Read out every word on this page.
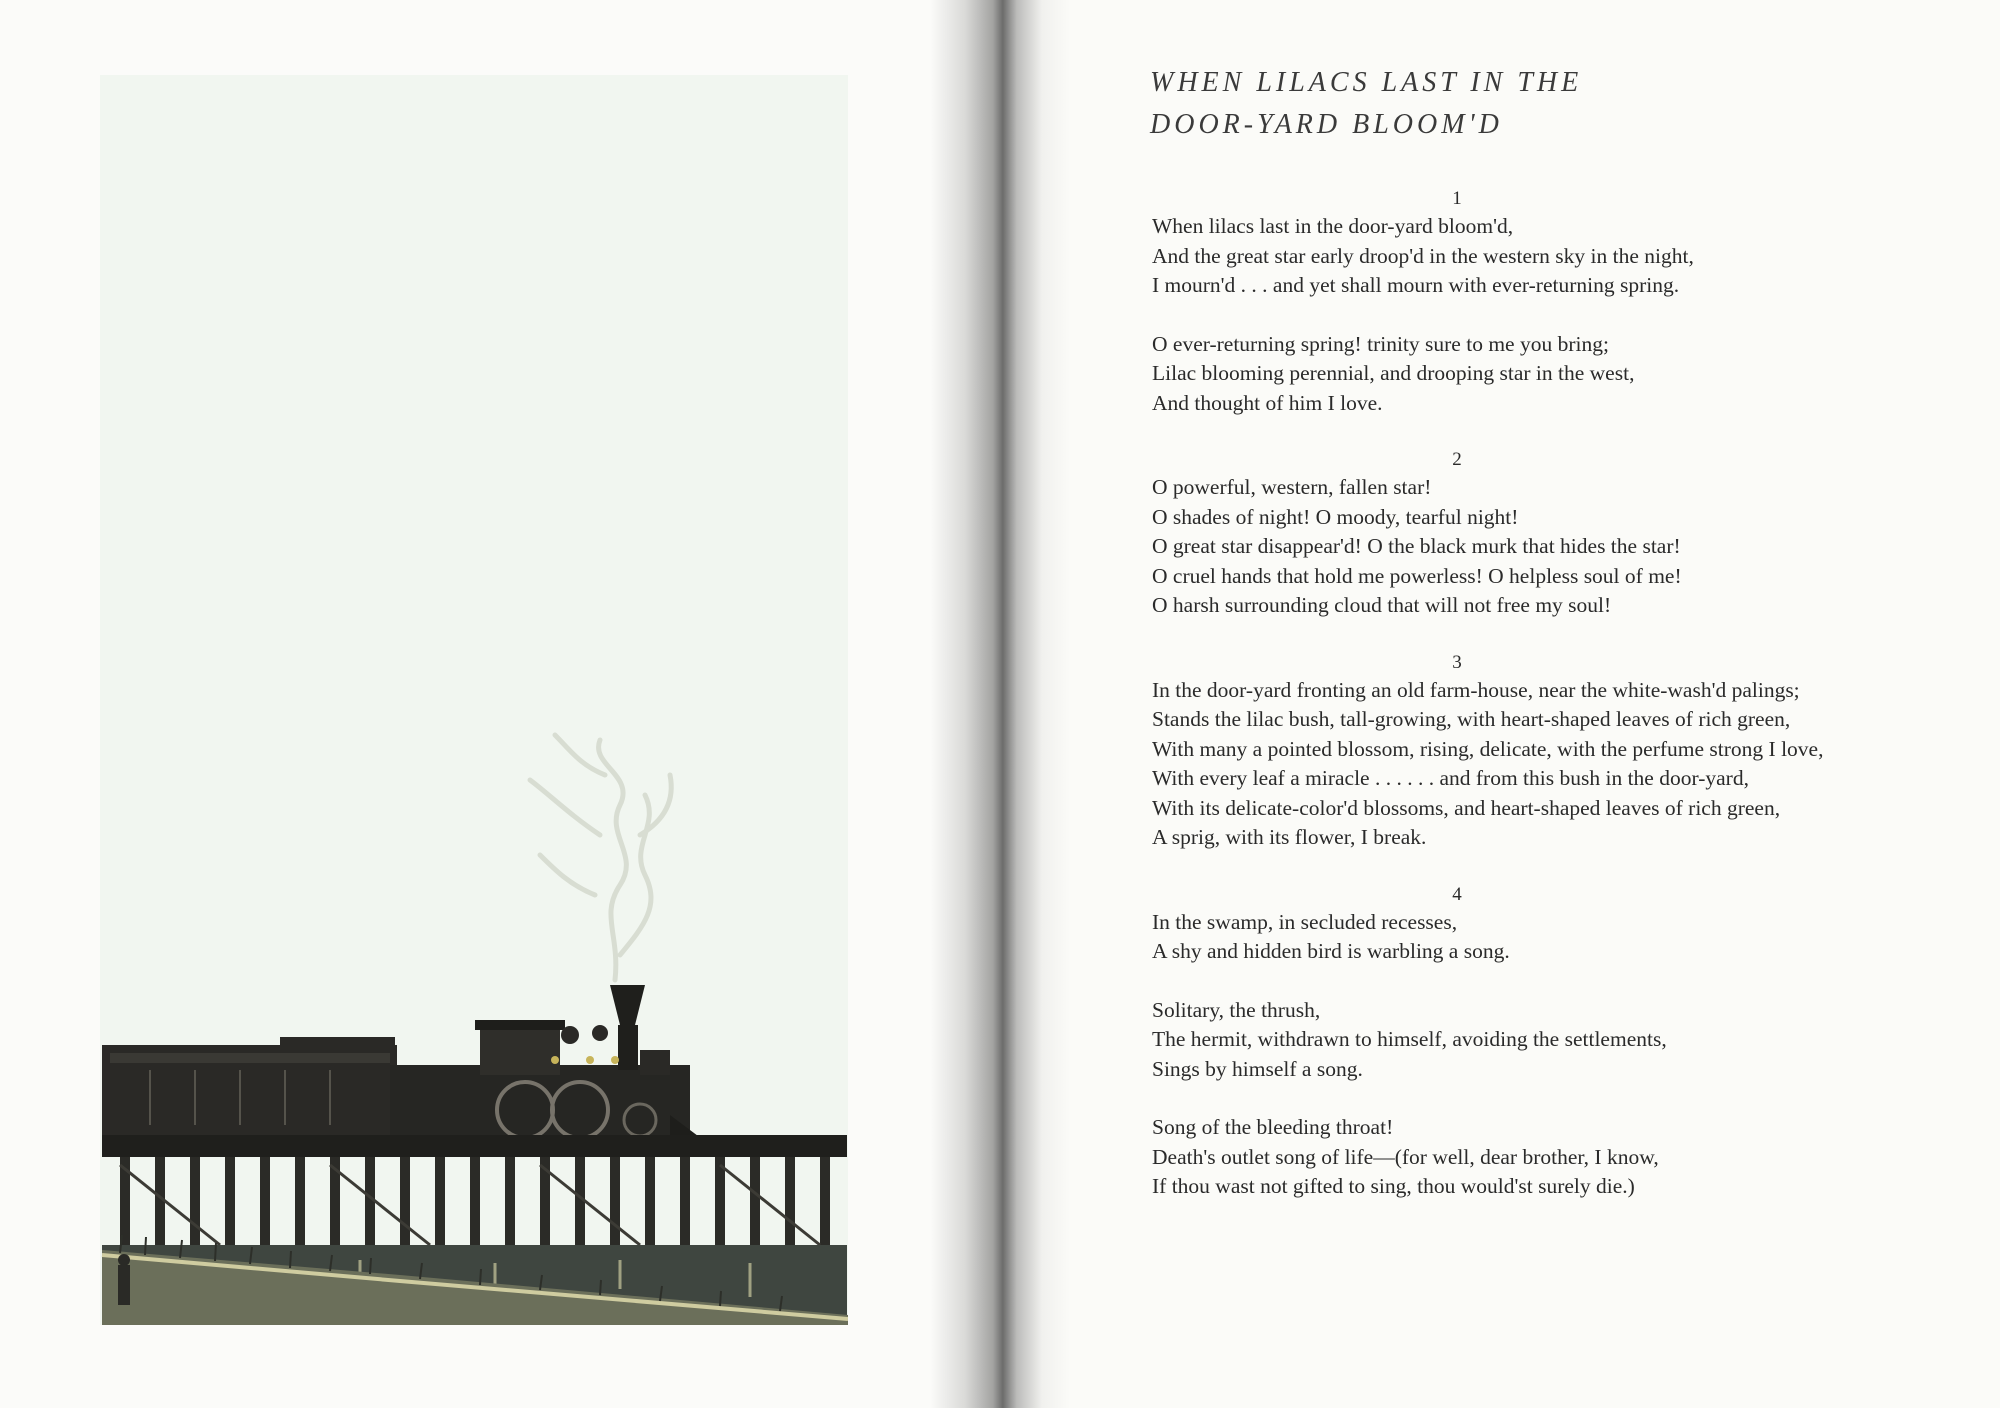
WHEN LILACS LAST IN THE
DOOR-YARD BLOOM'D
1
When lilacs last in the door-yard bloom'd,
And the great star early droop'd in the western sky in the night,
I mourn'd . . . and yet shall mourn with ever-returning spring.
O ever-returning spring! trinity sure to me you bring;
Lilac blooming perennial, and drooping star in the west,
And thought of him I love.
2
O powerful, western, fallen star!
O shades of night! O moody, tearful night!
O great star disappear'd! O the black murk that hides the star!
O cruel hands that hold me powerless! O helpless soul of me!
O harsh surrounding cloud that will not free my soul!
3
In the door-yard fronting an old farm-house, near the white-wash'd palings;
Stands the lilac bush, tall-growing, with heart-shaped leaves of rich green,
With many a pointed blossom, rising, delicate, with the perfume strong I love,
With every leaf a miracle . . . . . . and from this bush in the door-yard,
With its delicate-color'd blossoms, and heart-shaped leaves of rich green,
A sprig, with its flower, I break.
4
In the swamp, in secluded recesses,
A shy and hidden bird is warbling a song.
Solitary, the thrush,
The hermit, withdrawn to himself, avoiding the settlements,
Sings by himself a song.
Song of the bleeding throat!
Death's outlet song of life—(for well, dear brother, I know,
If thou wast not gifted to sing, thou would'st surely die.)
